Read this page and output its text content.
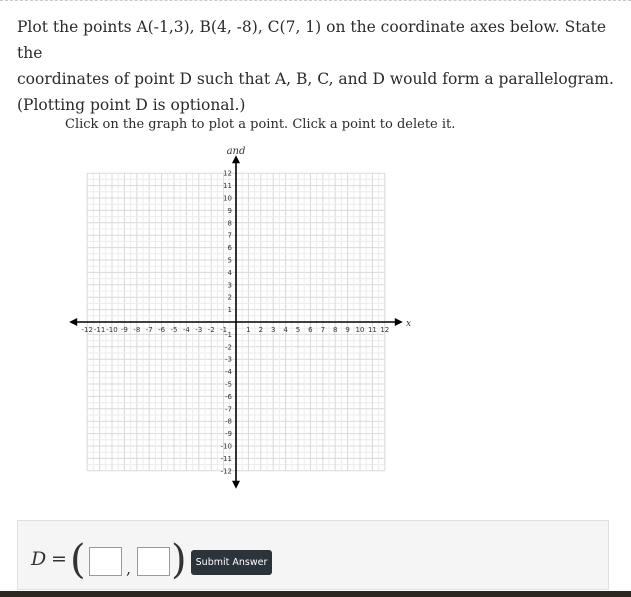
Plot the points A(-1,3), B(4, -8), C(7, 1) on the coordinate axes below. State the

coordinates of point D such that A, B, C, and D would form a parallelogram.

(Plotting point D is optional.)

Click on the graph to plot a point. Click a point to delete it.
-12 -11 -10 -9 -8 -7 -6 -5 -4 -3 -2 -1	1 2 3 4 5 6 7 8 9 10 11 12
12
11
10
9
8
7
6
5
4
3
2
1
-1
-2
-3
-4
-5
-6
-7
-8
-9
-10
-11
-12
and
x
D = (	, ) Submit Answer
